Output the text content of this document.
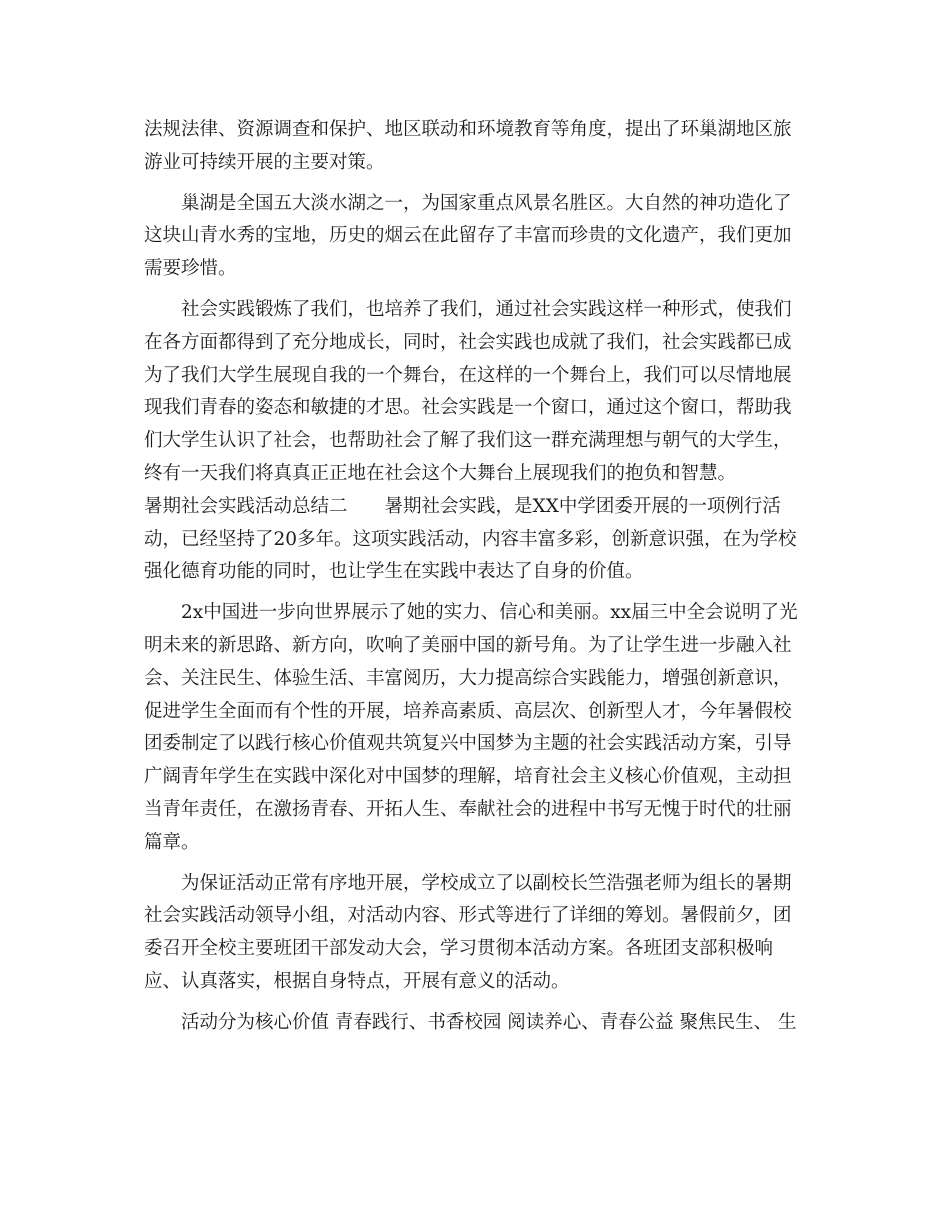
法规法律、资源调查和保护、地区联动和环境教育等角度，提出了环巢湖地区旅
游业可持续开展的主要对策。
巢湖是全国五大淡水湖之一，为国家重点风景名胜区。大自然的神功造化了
这块山青水秀的宝地，历史的烟云在此留存了丰富而珍贵的文化遗产，我们更加
需要珍惜。
社会实践锻炼了我们，也培养了我们，通过社会实践这样一种形式，使我们
在各方面都得到了充分地成长，同时，社会实践也成就了我们，社会实践都已成
为了我们大学生展现自我的一个舞台，在这样的一个舞台上，我们可以尽情地展
现我们青春的姿态和敏捷的才思。社会实践是一个窗口，通过这个窗口，帮助我
们大学生认识了社会，也帮助社会了解了我们这一群充满理想与朝气的大学生，
终有一天我们将真真正正地在社会这个大舞台上展现我们的抱负和智慧。
暑期社会实践活动总结二　　暑期社会实践，是XX中学团委开展的一项例行活
动，已经坚持了20多年。这项实践活动，内容丰富多彩，创新意识强，在为学校
强化德育功能的同时，也让学生在实践中表达了自身的价值。
2x中国进一步向世界展示了她的实力、信心和美丽。xx届三中全会说明了光
明未来的新思路、新方向，吹响了美丽中国的新号角。为了让学生进一步融入社
会、关注民生、体验生活、丰富阅历，大力提高综合实践能力，增强创新意识，
促进学生全面而有个性的开展，培养高素质、高层次、创新型人才，今年暑假校
团委制定了以践行核心价值观共筑复兴中国梦为主题的社会实践活动方案，引导
广阔青年学生在实践中深化对中国梦的理解，培育社会主义核心价值观，主动担
当青年责任，在激扬青春、开拓人生、奉献社会的进程中书写无愧于时代的壮丽
篇章。
为保证活动正常有序地开展，学校成立了以副校长竺浩强老师为组长的暑期
社会实践活动领导小组，对活动内容、形式等进行了详细的筹划。暑假前夕，团
委召开全校主要班团干部发动大会，学习贯彻本活动方案。各班团支部积极响
应、认真落实，根据自身特点，开展有意义的活动。
活动分为核心价值 青春践行、书香校园 阅读养心、青春公益 聚焦民生、 生
